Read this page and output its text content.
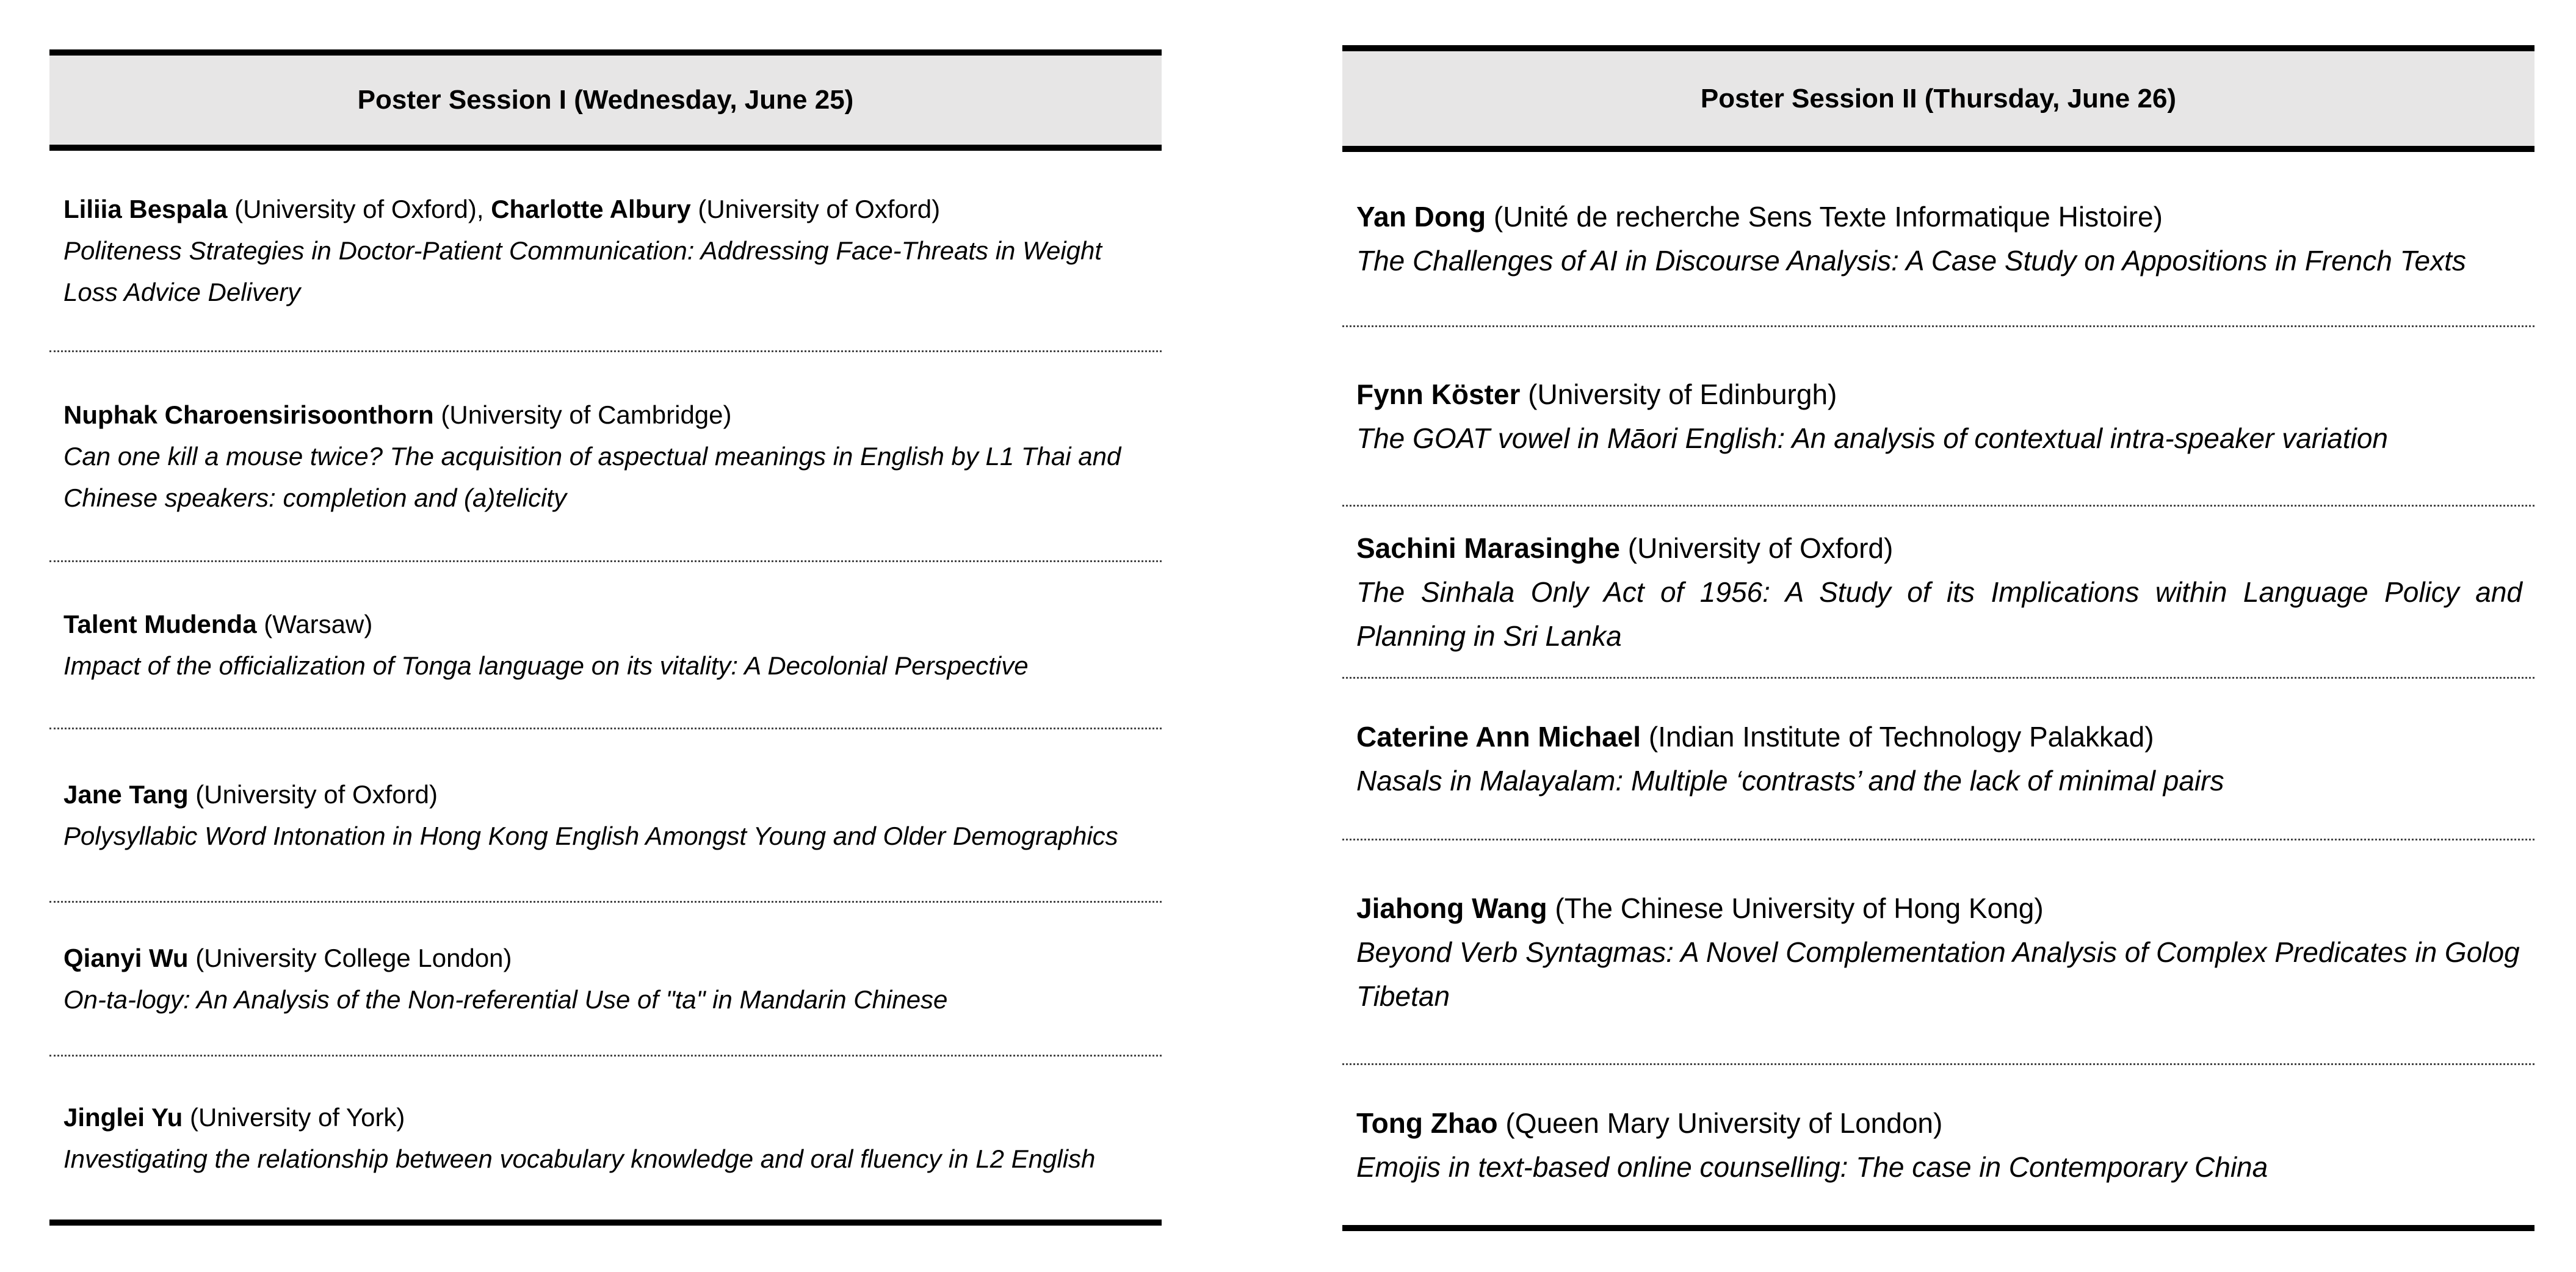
Poster Session I (Wednesday, June 25)
Liliia Bespala (University of Oxford), Charlotte Albury (University of Oxford)
Politeness Strategies in Doctor-Patient Communication: Addressing Face-Threats in Weight Loss Advice Delivery
Nuphak Charoensirisoonthorn (University of Cambridge)
Can one kill a mouse twice? The acquisition of aspectual meanings in English by L1 Thai and Chinese speakers: completion and (a)telicity
Talent Mudenda (Warsaw)
Impact of the officialization of Tonga language on its vitality: A Decolonial Perspective
Jane Tang (University of Oxford)
Polysyllabic Word Intonation in Hong Kong English Amongst Young and Older Demographics
Qianyi Wu (University College London)
On-ta-logy: An Analysis of the Non-referential Use of "ta" in Mandarin Chinese
Jinglei Yu (University of York)
Investigating the relationship between vocabulary knowledge and oral fluency in L2 English
Poster Session II (Thursday, June 26)
Yan Dong (Unité de recherche Sens Texte Informatique Histoire)
The Challenges of AI in Discourse Analysis: A Case Study on Appositions in French Texts
Fynn Köster (University of Edinburgh)
The GOAT vowel in Māori English: An analysis of contextual intra-speaker variation
Sachini Marasinghe (University of Oxford)
The Sinhala Only Act of 1956: A Study of its Implications within Language Policy and Planning in Sri Lanka
Caterine Ann Michael (Indian Institute of Technology Palakkad)
Nasals in Malayalam: Multiple ‘contrasts’ and the lack of minimal pairs
Jiahong Wang (The Chinese University of Hong Kong)
Beyond Verb Syntagmas: A Novel Complementation Analysis of Complex Predicates in Golog Tibetan
Tong Zhao (Queen Mary University of London)
Emojis in text-based online counselling: The case in Contemporary China
